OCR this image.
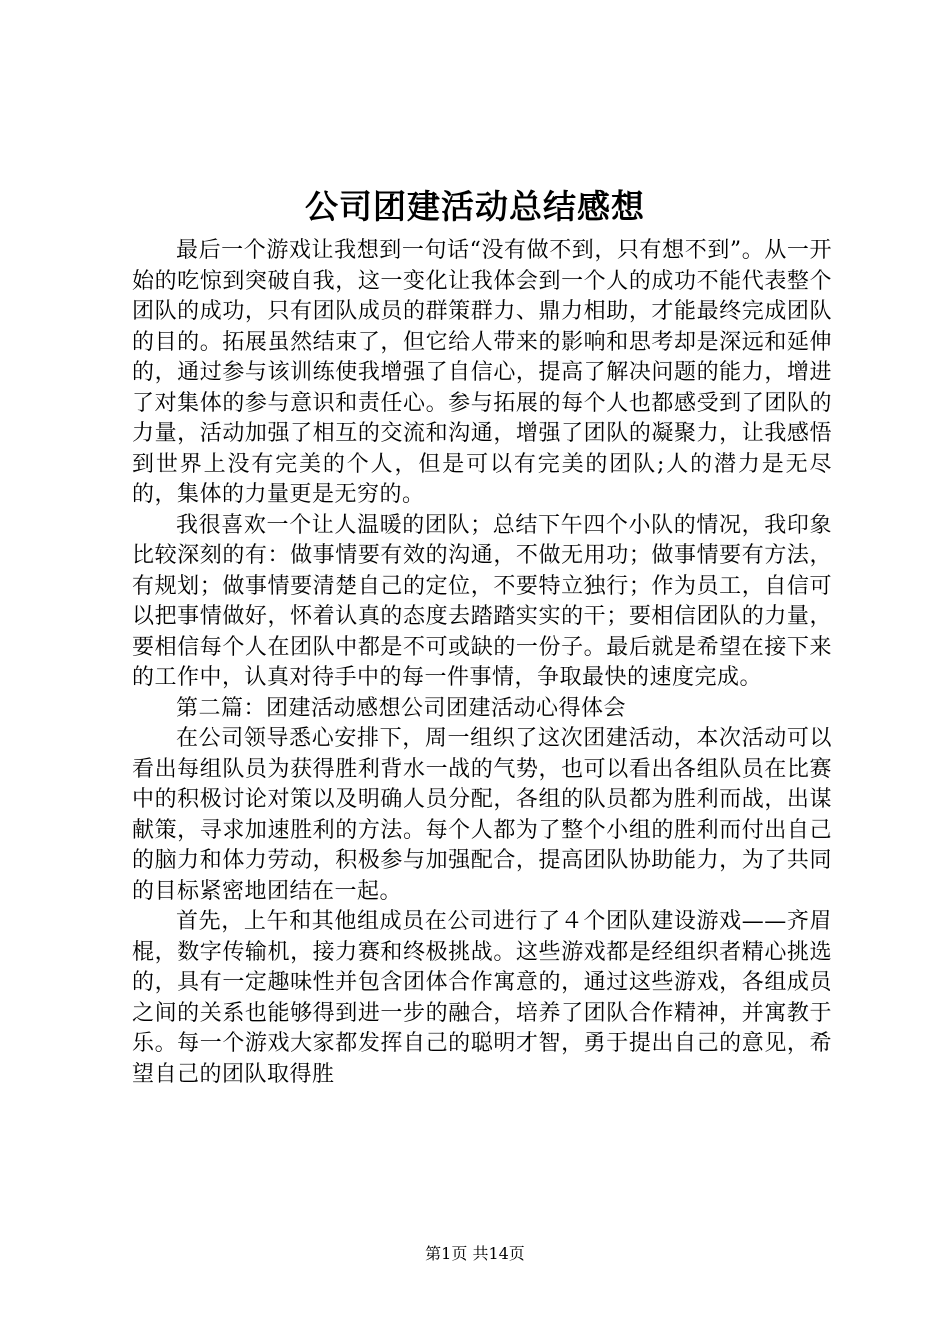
公司团建活动总结感想

最后一个游戏让我想到一句话“没有做不到，只有想不到”。从一开始的吃惊到突破自我，这一变化让我体会到一个人的成功不能代表整个团队的成功，只有团队成员的群策群力、鼎力相助，才能最终完成团队的目的。拓展虽然结束了，但它给人带来的影响和思考却是深远和延伸的，通过参与该训练使我增强了自信心，提高了解决问题的能力，增进了对集体的参与意识和责任心。参与拓展的每个人也都感受到了团队的力量，活动加强了相互的交流和沟通，增强了团队的凝聚力，让我感悟到世界上没有完美的个人，但是可以有完美的团队;人的潜力是无尽的，集体的力量更是无穷的。

我很喜欢一个让人温暖的团队；总结下午四个小队的情况，我印象比较深刻的有：做事情要有效的沟通，不做无用功；做事情要有方法，有规划；做事情要清楚自己的定位，不要特立独行；作为员工，自信可以把事情做好，怀着认真的态度去踏踏实实的干；要相信团队的力量，要相信每个人在团队中都是不可或缺的一份子。最后就是希望在接下来的工作中，认真对待手中的每一件事情，争取最快的速度完成。

第二篇：团建活动感想公司团建活动心得体会

在公司领导悉心安排下，周一组织了这次团建活动，本次活动可以看出每组队员为获得胜利背水一战的气势，也可以看出各组队员在比赛中的积极讨论对策以及明确人员分配，各组的队员都为胜利而战，出谋献策，寻求加速胜利的方法。每个人都为了整个小组的胜利而付出自己的脑力和体力劳动，积极参与加强配合，提高团队协助能力，为了共同的目标紧密地团结在一起。

首先，上午和其他组成员在公司进行了４个团队建设游戏——齐眉棍，数字传输机，接力赛和终极挑战。这些游戏都是经组织者精心挑选的，具有一定趣味性并包含团体合作寓意的，通过这些游戏，各组成员之间的关系也能够得到进一步的融合，培养了团队合作精神，并寓教于乐。每一个游戏大家都发挥自己的聪明才智，勇于提出自己的意见，希望自己的团队取得胜

第1页 共14页
